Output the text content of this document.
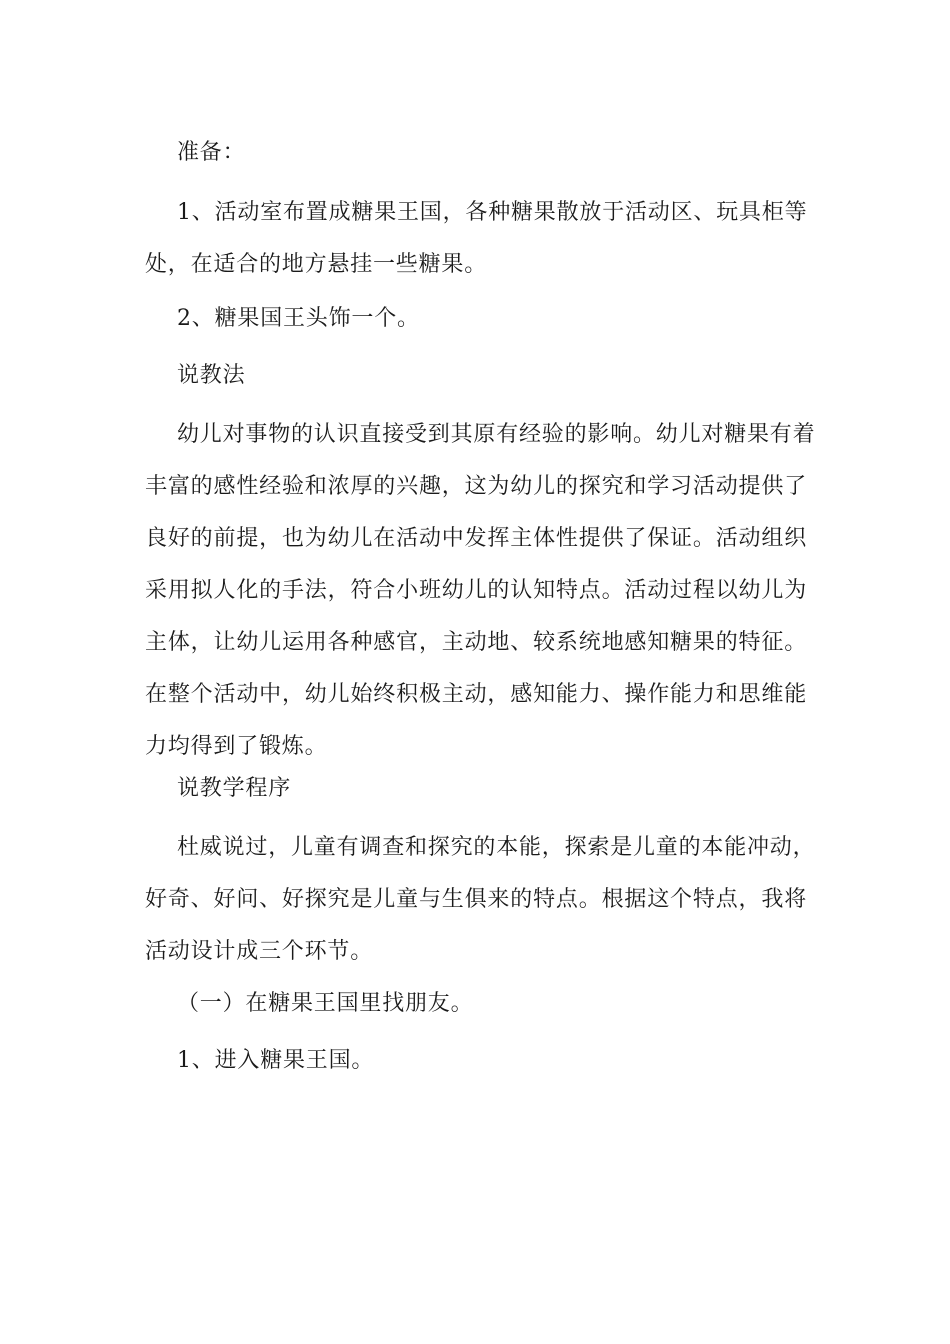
准备：
1、活动室布置成糖果王国，各种糖果散放于活动区、玩具柜等
处，在适合的地方悬挂一些糖果。
2、糖果国王头饰一个。
说教法
幼儿对事物的认识直接受到其原有经验的影响。幼儿对糖果有着
丰富的感性经验和浓厚的兴趣，这为幼儿的探究和学习活动提供了
良好的前提，也为幼儿在活动中发挥主体性提供了保证。活动组织
采用拟人化的手法，符合小班幼儿的认知特点。活动过程以幼儿为
主体，让幼儿运用各种感官，主动地、较系统地感知糖果的特征。
在整个活动中，幼儿始终积极主动，感知能力、操作能力和思维能
力均得到了锻炼。
说教学程序
杜威说过，儿童有调查和探究的本能，探索是儿童的本能冲动，
好奇、好问、好探究是儿童与生俱来的特点。根据这个特点，我将
活动设计成三个环节。
（一）在糖果王国里找朋友。
1、进入糖果王国。
